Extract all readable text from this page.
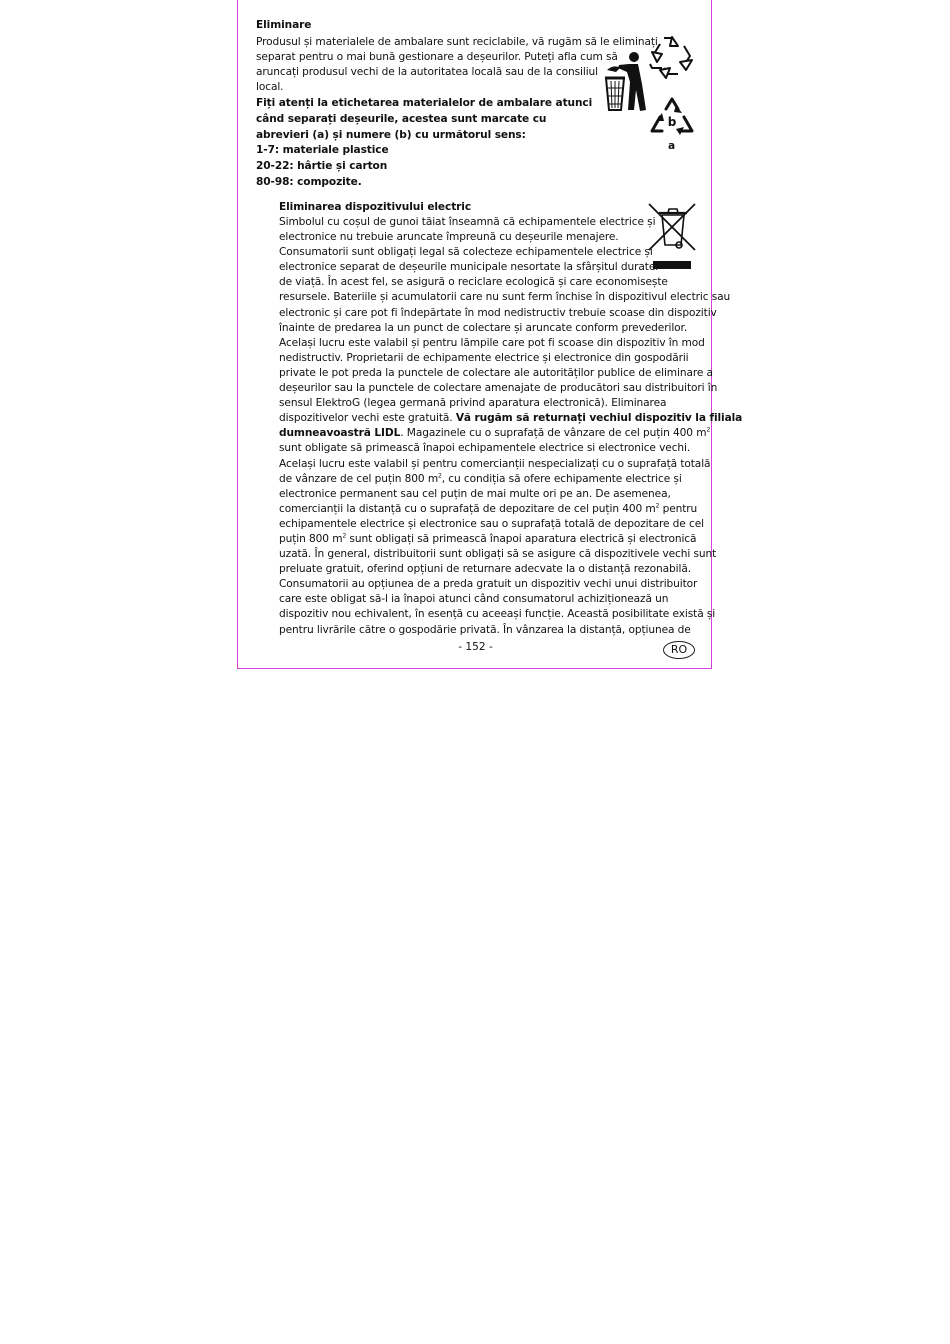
Eliminare
Produsul și materialele de ambalare sunt reciclabile, vă rugăm să le eliminați
separat pentru o mai bună gestionare a deșeurilor. Puteți afla cum să
aruncați produsul vechi de la autoritatea locală sau de la consiliul
local.
Fiți atenți la etichetarea materialelor de ambalare atunci
când separați deșeurile, acestea sunt marcate cu
abrevieri (a) și numere (b) cu următorul sens:
1-7: materiale plastice
20-22: hârtie și carton
80-98: compozite.
b
a
Eliminarea dispozitivului electric
Simbolul cu coșul de gunoi tăiat înseamnă că echipamentele electrice și
electronice nu trebuie aruncate împreună cu deșeurile menajere.
Consumatorii sunt obligați legal să colecteze echipamentele electrice și
electronice separat de deșeurile municipale nesortate la sfârșitul duratei
de viață. În acest fel, se asigură o reciclare ecologică și care economisește
resursele. Bateriile și acumulatorii care nu sunt ferm închise în dispozitivul electric sau
electronic și care pot fi îndepărtate în mod nedistructiv trebuie scoase din dispozitiv
înainte de predarea la un punct de colectare și aruncate conform prevederilor.
Același lucru este valabil și pentru lămpile care pot fi scoase din dispozitiv în mod
nedistructiv. Proprietarii de echipamente electrice și electronice din gospodării
private le pot preda la punctele de colectare ale autorităților publice de eliminare a
deșeurilor sau la punctele de colectare amenajate de producători sau distribuitori în
sensul ElektroG (legea germană privind aparatura electronică). Eliminarea
dispozitivelor vechi este gratuită. Vă rugăm să returnați vechiul dispozitiv la filiala
dumneavoastră LIDL. Magazinele cu o suprafață de vânzare de cel puțin 400 $m^2$
sunt obligate să primească înapoi echipamentele electrice si electronice vechi.
Același lucru este valabil și pentru comercianții nespecializați cu o suprafață totală
de vânzare de cel puțin 800 $m^2$, cu condiția să ofere echipamente electrice și
electronice permanent sau cel puțin de mai multe ori pe an. De asemenea,
comercianții la distanță cu o suprafață de depozitare de cel puțin 400 $m^2$ pentru
echipamentele electrice și electronice sau o suprafață totală de depozitare de cel
puțin 800 $m^2$ sunt obligați să primească înapoi aparatura electrică și electronică
uzată. În general, distribuitorii sunt obligați să se asigure că dispozitivele vechi sunt
preluate gratuit, oferind opțiuni de returnare adecvate la o distanță rezonabilă.
Consumatorii au opțiunea de a preda gratuit un dispozitiv vechi unui distribuitor
care este obligat să-l ia înapoi atunci când consumatorul achiziționează un
dispozitiv nou echivalent, în esență cu aceeași funcție. Această posibilitate există și
pentru livrările către o gospodărie privată. În vânzarea la distanță, opțiunea de
- 152 -	RO
